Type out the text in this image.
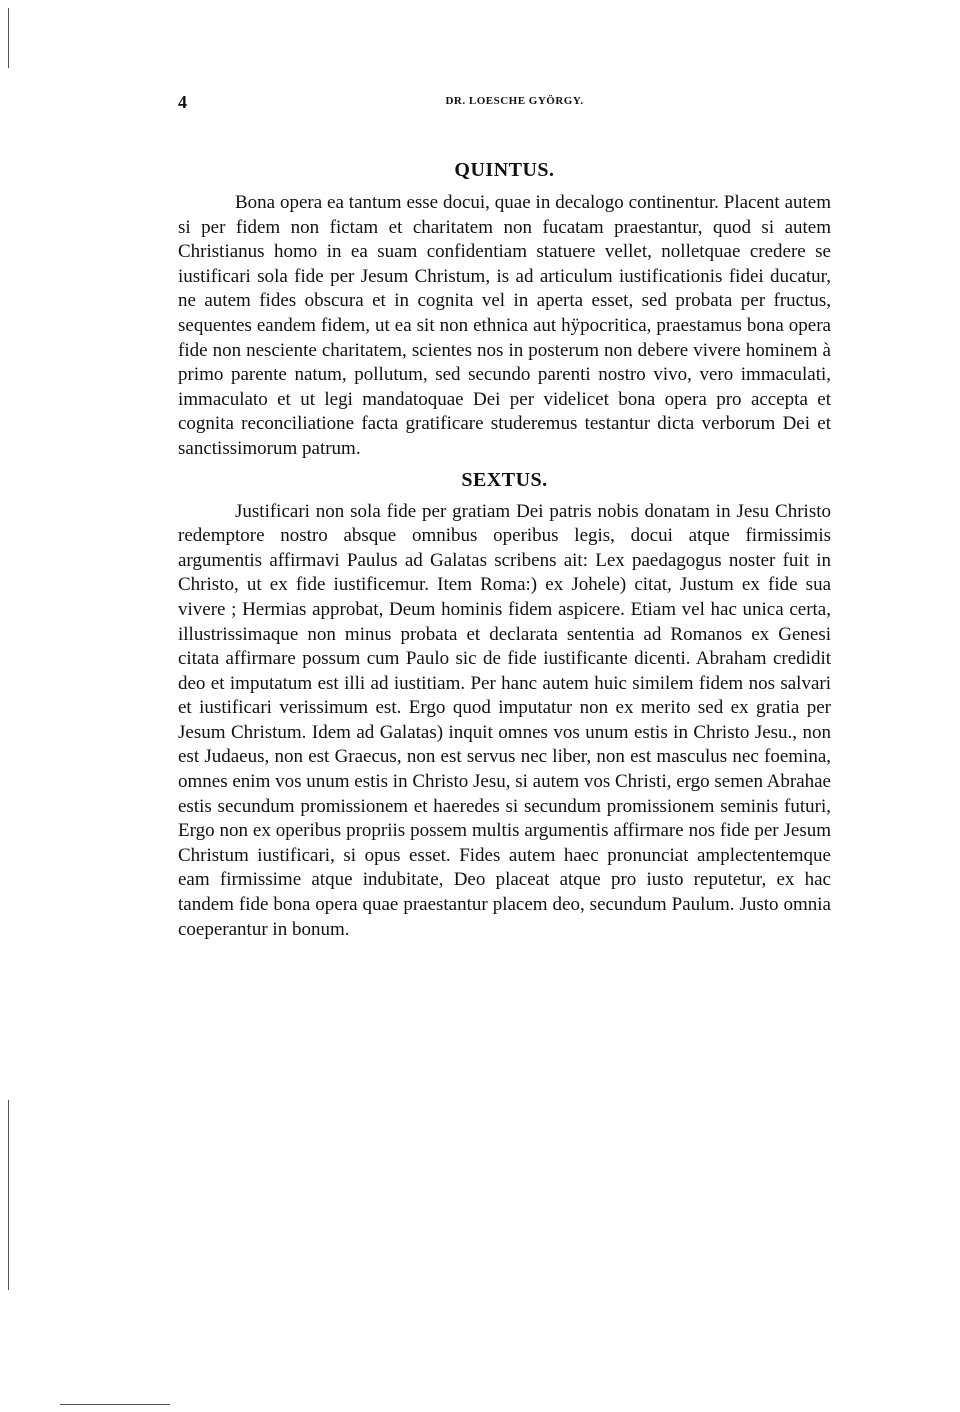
4	DR. LOESCHE GYÖRGY.
QUINTUS.

Bona opera ea tantum esse docui, quae in decalogo continentur. Placent autem si per fidem non fictam et charitatem non fucatam praestantur, quod si autem Christianus homo in ea suam confidentiam statuere vellet, nolletquae credere se iustificari sola fide per Jesum Christum, is ad articulum iustificationis fidei ducatur, ne autem fides obscura et in cognita vel in aperta esset, sed probata per fructus, sequentes eandem fidem, ut ea sit non ethnica aut hÿpocritica, praestamus bona opera fide non nesciente charitatem, scientes nos in posterum non debere vivere hominem à primo parente natum, pollutum, sed secundo parenti nostro vivo, vero immaculati, immaculato et ut legi mandatoquae Dei per videlicet bona opera pro accepta et cognita reconciliatione facta gratificare studeremus testantur dicta verborum Dei et sanctissimorum patrum.

SEXTUS.

Justificari non sola fide per gratiam Dei patris nobis donatam in Jesu Christo redemptore nostro absque omnibus operibus legis, docui atque firmissimis argumentis affirmavi Paulus ad Galatas scribens ait: Lex paedagogus noster fuit in Christo, ut ex fide iustificemur. Item Roma:) ex Johele) citat, Justum ex fide sua vivere ; Hermias approbat, Deum hominis fidem aspicere. Etiam vel hac unica certa, illustrissimaque non minus probata et declarata sententia ad Romanos ex Genesi citata affirmare possum cum Paulo sic de fide iustificante dicenti. Abraham credidit deo et imputatum est illi ad iustitiam. Per hanc autem huic similem fidem nos salvari et iustificari verissimum est. Ergo quod imputatur non ex merito sed ex gratia per Jesum Christum. Idem ad Galatas) inquit omnes vos unum estis in Christo Jesu., non est Judaeus, non est Graecus, non est servus nec liber, non est masculus nec foemina, omnes enim vos unum estis in Christo Jesu, si autem vos Christi, ergo semen Abrahae estis secundum promissionem et haeredes si secundum promissionem seminis futuri, Ergo non ex operibus propriis possem multis argumentis affirmare nos fide per Jesum Christum iustificari, si opus esset. Fides autem haec pronunciat amplectentemque eam firmissime atque indubitate, Deo placeat atque pro iusto reputetur, ex hac tandem fide bona opera quae praestantur placem deo, secundum Paulum. Justo omnia coeperantur in bonum.
